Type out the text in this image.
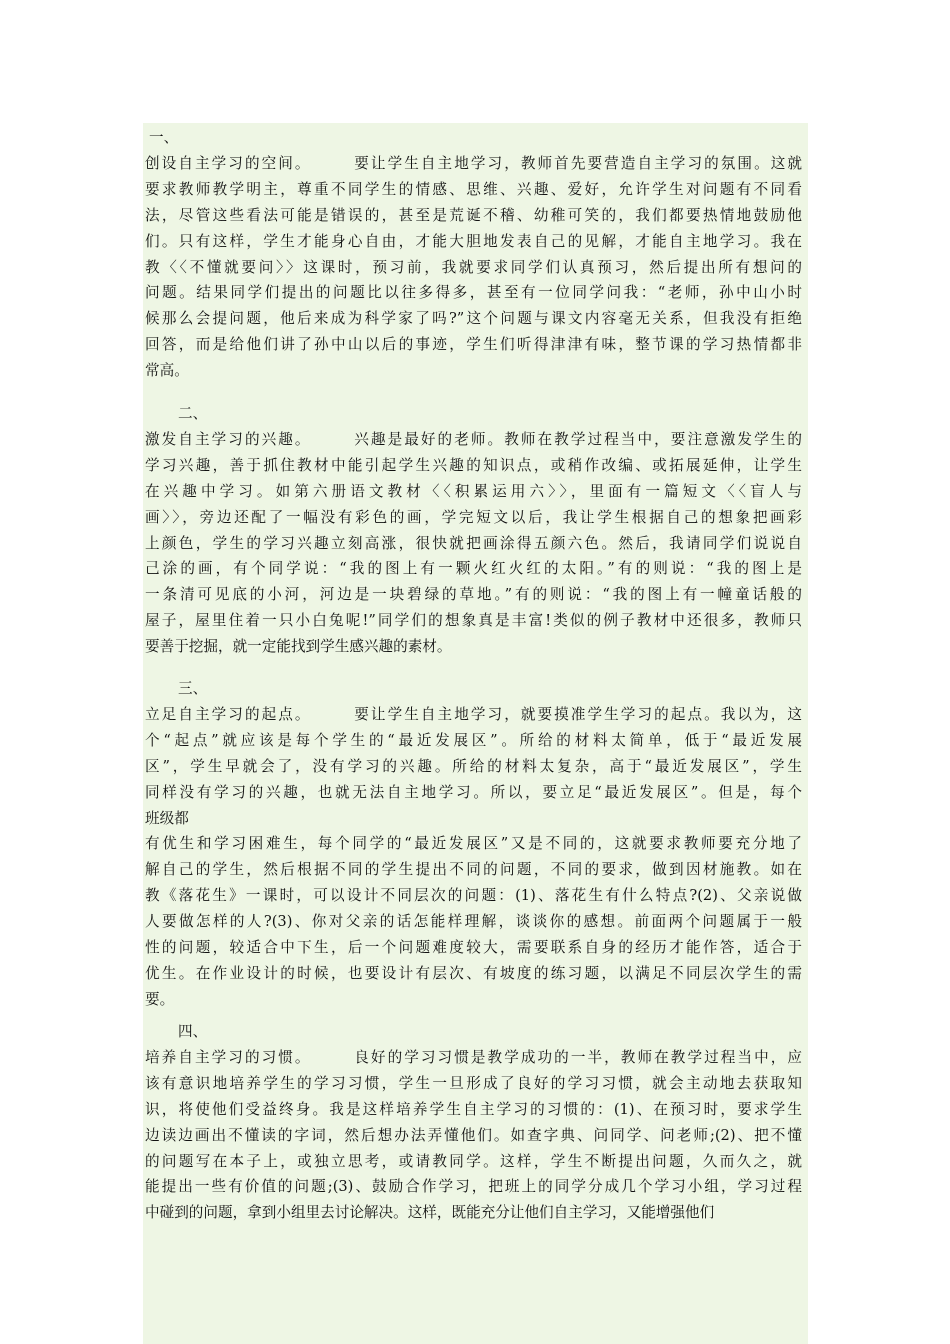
一、
创设自主学习的空间。　　　要让学生自主地学习，教师首先要营造自主学习的氛围。这就
要求教师教学明主，尊重不同学生的情感、思维、兴趣、爱好，允许学生对问题有不同看
法，尽管这些看法可能是错误的，甚至是荒诞不稽、幼稚可笑的，我们都要热情地鼓励他
们。只有这样，学生才能身心自由，才能大胆地发表自己的见解，才能自主地学习。我在
教〈〈不懂就要问〉〉这课时，预习前，我就要求同学们认真预习，然后提出所有想问的
问题。结果同学们提出的问题比以往多得多，甚至有一位同学问我：“老师，孙中山小时
候那么会提问题，他后来成为科学家了吗?”这个问题与课文内容毫无关系，但我没有拒绝
回答，而是给他们讲了孙中山以后的事迹，学生们听得津津有味，整节课的学习热情都非
常高。
二、
激发自主学习的兴趣。　　　兴趣是最好的老师。教师在教学过程当中，要注意激发学生的
学习兴趣，善于抓住教材中能引起学生兴趣的知识点，或稍作改编、或拓展延伸，让学生
在兴趣中学习。如第六册语文教材〈〈积累运用六〉〉，里面有一篇短文〈〈盲人与
画〉〉，旁边还配了一幅没有彩色的画，学完短文以后，我让学生根据自己的想象把画彩
上颜色，学生的学习兴趣立刻高涨，很快就把画涂得五颜六色。然后，我请同学们说说自
己涂的画，有个同学说：“我的图上有一颗火红火红的太阳。”有的则说：“我的图上是
一条清可见底的小河，河边是一块碧绿的草地。”有的则说：“我的图上有一幢童话般的
屋子，屋里住着一只小白兔呢!”同学们的想象真是丰富!类似的例子教材中还很多，教师只
要善于挖掘，就一定能找到学生感兴趣的素材。
三、
立足自主学习的起点。　　　要让学生自主地学习，就要摸准学生学习的起点。我以为，这
个“起点”就应该是每个学生的“最近发展区”。所给的材料太简单，低于“最近发展
区”，学生早就会了，没有学习的兴趣。所给的材料太复杂，高于“最近发展区”，学生
同样没有学习的兴趣，也就无法自主地学习。所以，要立足“最近发展区”。但是，每个
班级都
有优生和学习困难生，每个同学的“最近发展区”又是不同的，这就要求教师要充分地了
解自己的学生，然后根据不同的学生提出不同的问题，不同的要求，做到因材施教。如在
教《落花生》一课时，可以设计不同层次的问题：(1)、落花生有什么特点?(2)、父亲说做
人要做怎样的人?(3)、你对父亲的话怎能样理解，谈谈你的感想。前面两个问题属于一般
性的问题，较适合中下生，后一个问题难度较大，需要联系自身的经历才能作答，适合于
优生。在作业设计的时候，也要设计有层次、有坡度的练习题，以满足不同层次学生的需
要。
四、
培养自主学习的习惯。　　　良好的学习习惯是教学成功的一半，教师在教学过程当中，应
该有意识地培养学生的学习习惯，学生一旦形成了良好的学习习惯，就会主动地去获取知
识，将使他们受益终身。我是这样培养学生自主学习的习惯的：(1)、在预习时，要求学生
边读边画出不懂读的字词，然后想办法弄懂他们。如查字典、问同学、问老师;(2)、把不懂
的问题写在本子上，或独立思考，或请教同学。这样，学生不断提出问题，久而久之，就
能提出一些有价值的问题;(3)、鼓励合作学习，把班上的同学分成几个学习小组，学习过程
中碰到的问题，拿到小组里去讨论解决。这样，既能充分让他们自主学习，又能增强他们
